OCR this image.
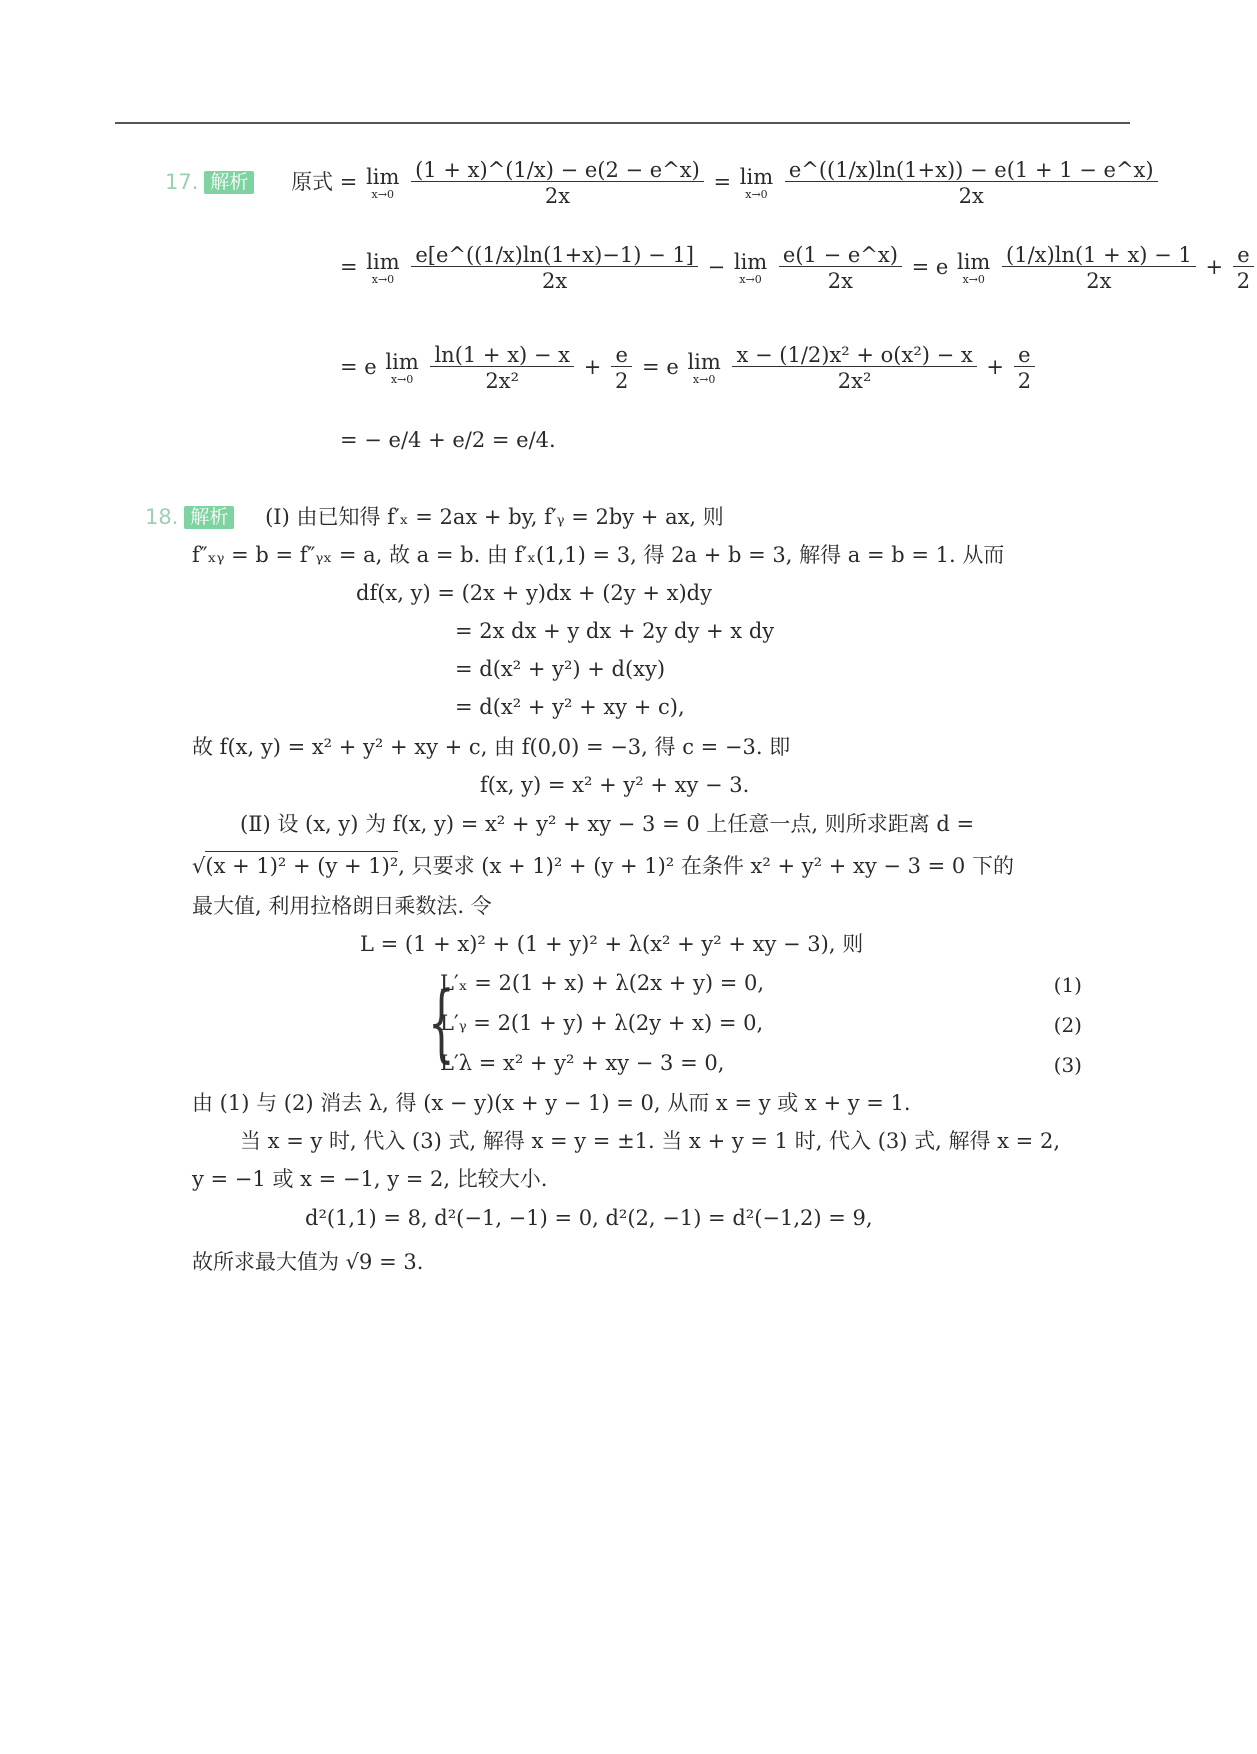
17. 解析 原式 = lim
x→0
$\frac{(1 + x)\^{}(1/x) - e(2 - e\^{}x)}{2x} = \lim$
x→0
$\frac{e\^{}((1/x)\ln(1+x)) - e(1 + 1 - e\^{}x)}{2x}$
= lim
x→0
$\frac{e[e\^{}((1/x)\ln(1+x)-1) - 1]}{2x} - \lim$
x→0
$\frac{e(1 - e\^{}x)}{2x} = e$ lim
x→0
$\frac{(1/x)\ln(1 + x) - 1}{2x} + \frac{e}{2}$
= e lim
x→0
$\frac{\ln(1 + x) - x}{\text{2x²}} + \frac{e}{2} = e$ lim
x→0
$\frac{\text{x − (1/2)x² + o(x²) − x}}{\text{2x²}} + \frac{e}{2}$
= − e/4 + e/2 = e/4.
18. 解析 (Ⅰ) 由已知得 f′ₓ = 2ax + by, f′ᵧ = 2by + ax, 则
f″ₓᵧ = b = f″ᵧₓ = a, 故 a = b. 由 f′ₓ(1,1) = 3, 得 2a + b = 3, 解得 a = b = 1. 从而
df(x, y) = (2x + y)dx + (2y + x)dy
= 2x dx + y dx + 2y dy + x dy
= d(x² + y²) + d(xy)
= d(x² + y² + xy + c),
故 f(x, y) = x² + y² + xy + c, 由 f(0,0) = −3, 得 c = −3. 即
f(x, y) = x² + y² + xy − 3.
(Ⅱ) 设 (x, y) 为 f(x, y) = x² + y² + xy − 3 = 0 上任意一点, 则所求距离 d =
√(x + 1)² + (y + 1)², 只要求 (x + 1)² + (y + 1)² 在条件 x² + y² + xy − 3 = 0 下的
最大值, 利用拉格朗日乘数法. 令
L = (1 + x)² + (1 + y)² + λ(x² + y² + xy − 3), 则
{
L′ₓ = 2(1 + x) + λ(2x + y) = 0,
L′ᵧ = 2(1 + y) + λ(2y + x) = 0,
L′λ = x² + y² + xy − 3 = 0,
(1)
(2)
(3)
由 (1) 与 (2) 消去 λ, 得 (x − y)(x + y − 1) = 0, 从而 x = y 或 x + y = 1.
当 x = y 时, 代入 (3) 式, 解得 x = y = ±1. 当 x + y = 1 时, 代入 (3) 式, 解得 x = 2,
y = −1 或 x = −1, y = 2, 比较大小.
d²(1,1) = 8, d²(−1, −1) = 0, d²(2, −1) = d²(−1,2) = 9,
故所求最大值为 √9 = 3.
